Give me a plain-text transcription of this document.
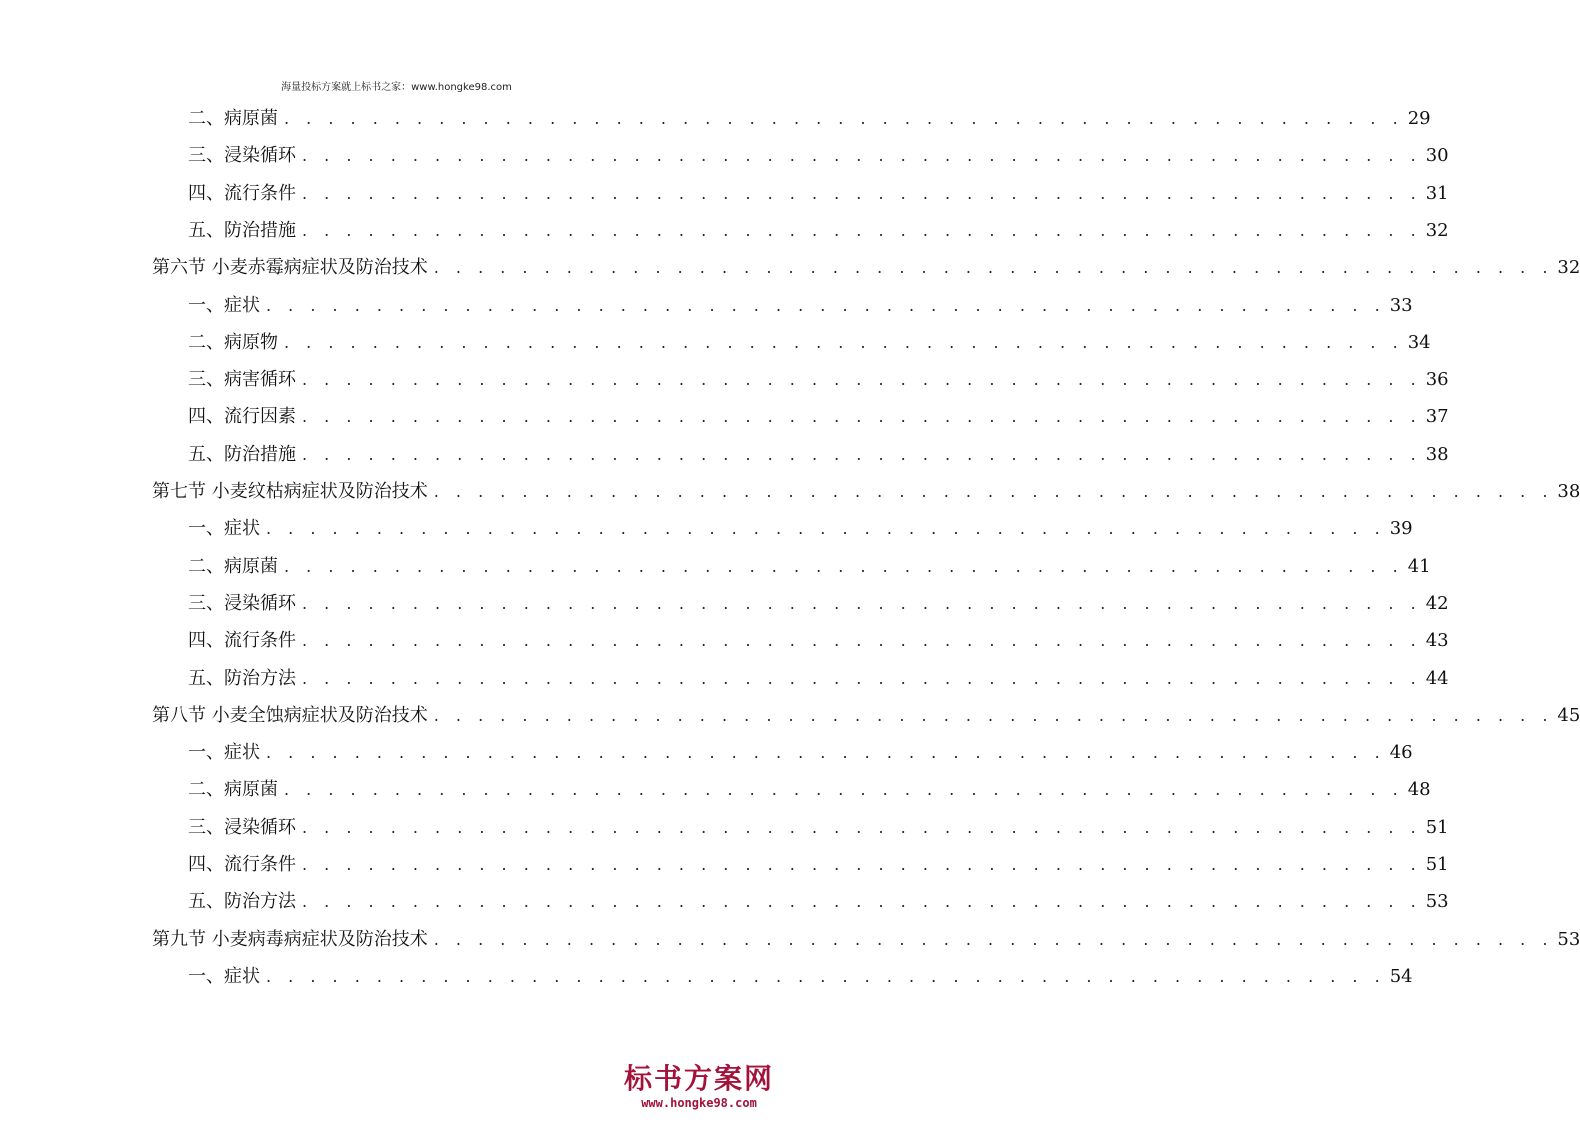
海量投标方案就上标书之家：www.hongke98.com
二、病原菌 . . . . . . . . . . . . . . . . . . . . . . . . . . . . . . . . . . . . . . . . . . . . . . . . . . . 29
三、浸染循环 . . . . . . . . . . . . . . . . . . . . . . . . . . . . . . . . . . . . . . . . . . . . . . . . . . . 30
四、流行条件 . . . . . . . . . . . . . . . . . . . . . . . . . . . . . . . . . . . . . . . . . . . . . . . . . . . 31
五、防治措施 . . . . . . . . . . . . . . . . . . . . . . . . . . . . . . . . . . . . . . . . . . . . . . . . . . . 32
第六节 小麦赤霉病症状及防治技术 . . . . . . . . . . . . . . . . . . . . . . . . . . . . . . . . . . . . . . . . . . . . . . . . . . . 32
一、症状 . . . . . . . . . . . . . . . . . . . . . . . . . . . . . . . . . . . . . . . . . . . . . . . . . . . 33
二、病原物 . . . . . . . . . . . . . . . . . . . . . . . . . . . . . . . . . . . . . . . . . . . . . . . . . . . 34
三、病害循环 . . . . . . . . . . . . . . . . . . . . . . . . . . . . . . . . . . . . . . . . . . . . . . . . . . . 36
四、流行因素 . . . . . . . . . . . . . . . . . . . . . . . . . . . . . . . . . . . . . . . . . . . . . . . . . . . 37
五、防治措施 . . . . . . . . . . . . . . . . . . . . . . . . . . . . . . . . . . . . . . . . . . . . . . . . . . . 38
第七节 小麦纹枯病症状及防治技术 . . . . . . . . . . . . . . . . . . . . . . . . . . . . . . . . . . . . . . . . . . . . . . . . . . . 38
一、症状 . . . . . . . . . . . . . . . . . . . . . . . . . . . . . . . . . . . . . . . . . . . . . . . . . . . 39
二、病原菌 . . . . . . . . . . . . . . . . . . . . . . . . . . . . . . . . . . . . . . . . . . . . . . . . . . . 41
三、浸染循环 . . . . . . . . . . . . . . . . . . . . . . . . . . . . . . . . . . . . . . . . . . . . . . . . . . . 42
四、流行条件 . . . . . . . . . . . . . . . . . . . . . . . . . . . . . . . . . . . . . . . . . . . . . . . . . . . 43
五、防治方法 . . . . . . . . . . . . . . . . . . . . . . . . . . . . . . . . . . . . . . . . . . . . . . . . . . . 44
第八节 小麦全蚀病症状及防治技术 . . . . . . . . . . . . . . . . . . . . . . . . . . . . . . . . . . . . . . . . . . . . . . . . . . . 45
一、症状 . . . . . . . . . . . . . . . . . . . . . . . . . . . . . . . . . . . . . . . . . . . . . . . . . . . 46
二、病原菌 . . . . . . . . . . . . . . . . . . . . . . . . . . . . . . . . . . . . . . . . . . . . . . . . . . . 48
三、浸染循环 . . . . . . . . . . . . . . . . . . . . . . . . . . . . . . . . . . . . . . . . . . . . . . . . . . . 51
四、流行条件 . . . . . . . . . . . . . . . . . . . . . . . . . . . . . . . . . . . . . . . . . . . . . . . . . . . 51
五、防治方法 . . . . . . . . . . . . . . . . . . . . . . . . . . . . . . . . . . . . . . . . . . . . . . . . . . . 53
第九节 小麦病毒病症状及防治技术 . . . . . . . . . . . . . . . . . . . . . . . . . . . . . . . . . . . . . . . . . . . . . . . . . . . 53
一、症状 . . . . . . . . . . . . . . . . . . . . . . . . . . . . . . . . . . . . . . . . . . . . . . . . . . . 54
标书方案网
www.hongke98.com
